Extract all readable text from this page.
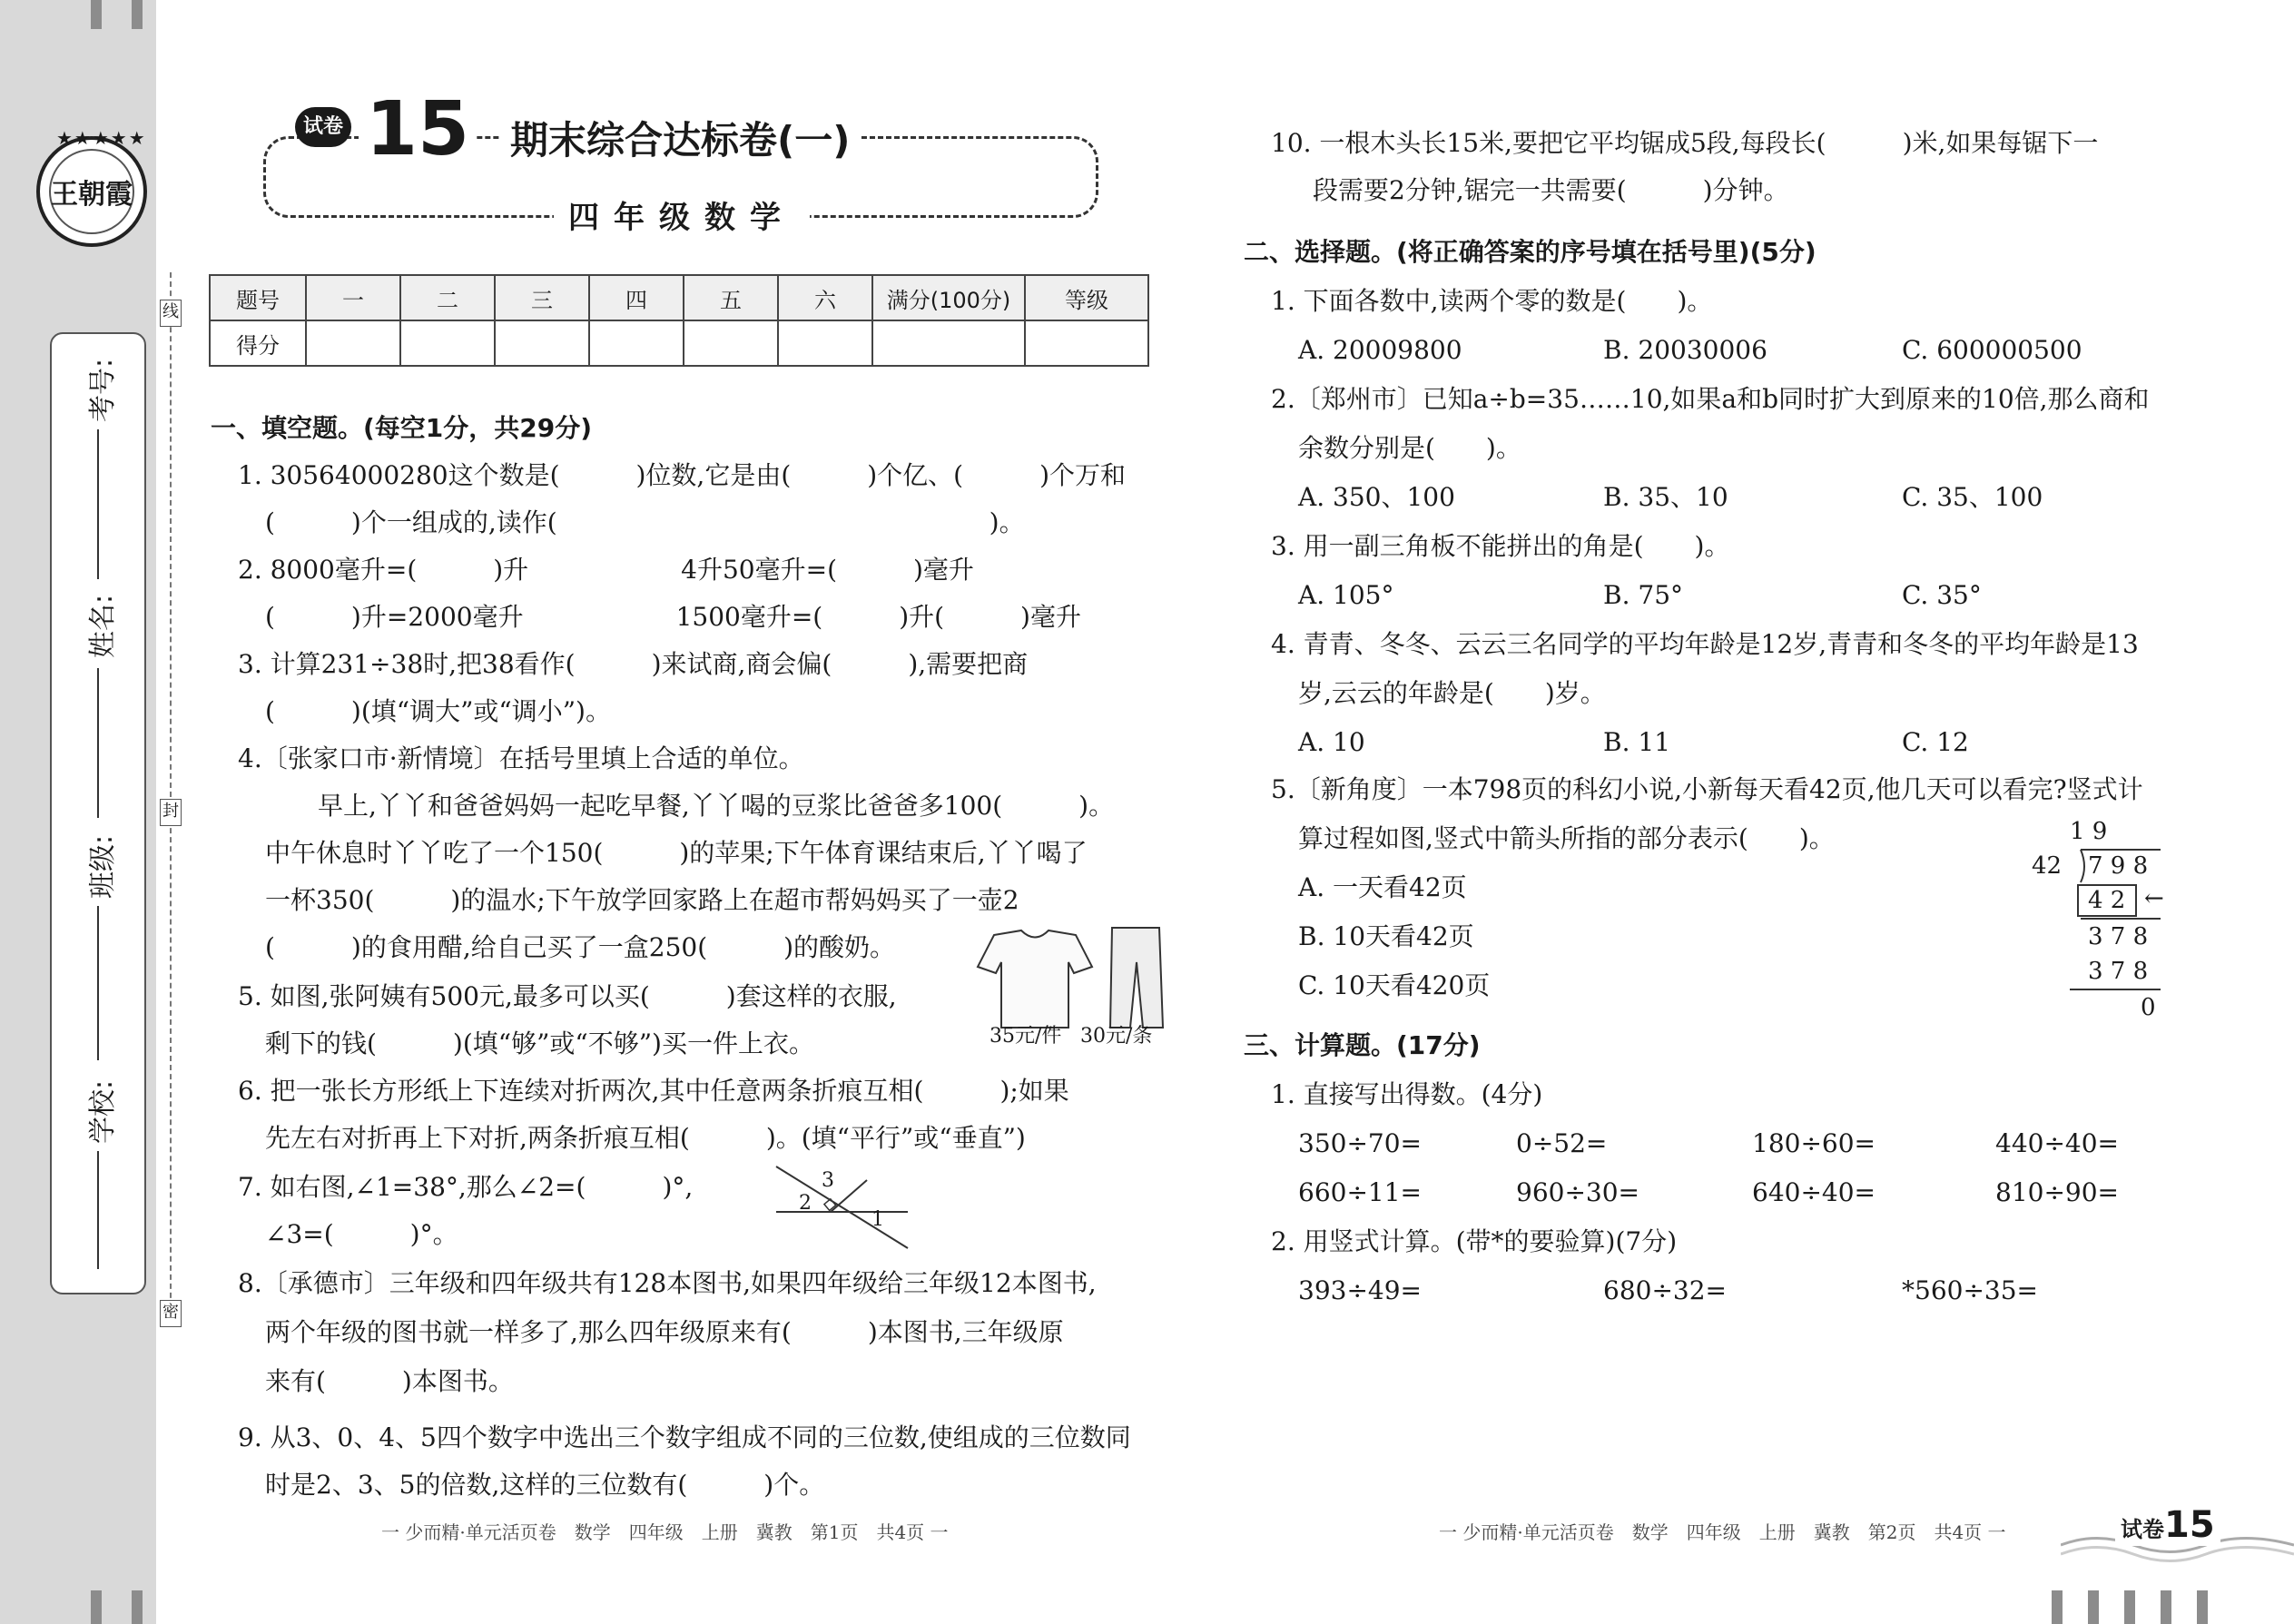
★★★★★
王朝霞
考号:
姓名:
班级:
学校:
线
封
密
试卷 15 期末综合达标卷(一)
四年级数学
题号	一	二	三	四	五	六	满分(100分)	等级
得分								
一、填空题。(每空1分，共29分)
1. 30564000280这个数是(　　　)位数,它是由(　　　)个亿、(　　　)个万和
(　　　)个一组成的,读作(　　　　　　　　　　　　　　　　　)。
2. 8000毫升=(　　　)升　　　　　　4升50毫升=(　　　)毫升
(　　　)升=2000毫升　　　　　　1500毫升=(　　　)升(　　　)毫升
3. 计算231÷38时,把38看作(　　　)来试商,商会偏(　　　),需要把商
(　　　)(填“调大”或“调小”)。
4.〔张家口市·新情境〕在括号里填上合适的单位。
早上,丫丫和爸爸妈妈一起吃早餐,丫丫喝的豆浆比爸爸多100(　　　)。
中午休息时丫丫吃了一个150(　　　)的苹果;下午体育课结束后,丫丫喝了
一杯350(　　　)的温水;下午放学回家路上在超市帮妈妈买了一壶2
(　　　)的食用醋,给自己买了一盒250(　　　)的酸奶。
5. 如图,张阿姨有500元,最多可以买(　　　)套这样的衣服,
剩下的钱(　　　)(填“够”或“不够”)买一件上衣。
6. 把一张长方形纸上下连续对折两次,其中任意两条折痕互相(　　　);如果
先左右对折再上下对折,两条折痕互相(　　　)。(填“平行”或“垂直”)
7. 如右图,∠1=38°,那么∠2=(　　　)°,
∠3=(　　　)°。
8.〔承德市〕三年级和四年级共有128本图书,如果四年级给三年级12本图书,
两个年级的图书就一样多了,那么四年级原来有(　　　)本图书,三年级原
来有(　　　)本图书。
9. 从3、0、4、5四个数字中选出三个数字组成不同的三位数,使组成的三位数同
时是2、3、5的倍数,这样的三位数有(　　　)个。
35元/件 30元/条
3
2
1
一 少而精·单元活页卷　数学　四年级　上册　冀教　第1页　共4页 一
10. 一根木头长15米,要把它平均锯成5段,每段长(　　　)米,如果每锯下一
段需要2分钟,锯完一共需要(　　　)分钟。
二、选择题。(将正确答案的序号填在括号里)(5分)
1. 下面各数中,读两个零的数是(　　)。
A. 20009800	B. 20030006	C. 600000500
2.〔郑州市〕已知a÷b=35……10,如果a和b同时扩大到原来的10倍,那么商和
余数分别是(　　)。
A. 350、100	B. 35、10	C. 35、100
3. 用一副三角板不能拼出的角是(　　)。
A. 105°	B. 75°	C. 35°
4. 青青、冬冬、云云三名同学的平均年龄是12岁,青青和冬冬的平均年龄是13
岁,云云的年龄是(　　)岁。
A. 10	B. 11	C. 12
5.〔新角度〕一本798页的科幻小说,小新每天看42页,他几天可以看完?竖式计
算过程如图,竖式中箭头所指的部分表示(　　)。
A. 一天看42页
B. 10天看42页
C. 10天看420页
三、计算题。(17分)
1. 直接写出得数。(4分)
350÷70=	0÷52=	180÷60=	440÷40=
660÷11=	960÷30=	640÷40=	810÷90=
2. 用竖式计算。(带*的要验算)(7分)
393÷49=	680÷32=	*560÷35=
1 9
42 7 9 8
4 2 ←
3 7 8
3 7 8
0
一 少而精·单元活页卷　数学　四年级　上册　冀教　第2页　共4页 一	试卷15
